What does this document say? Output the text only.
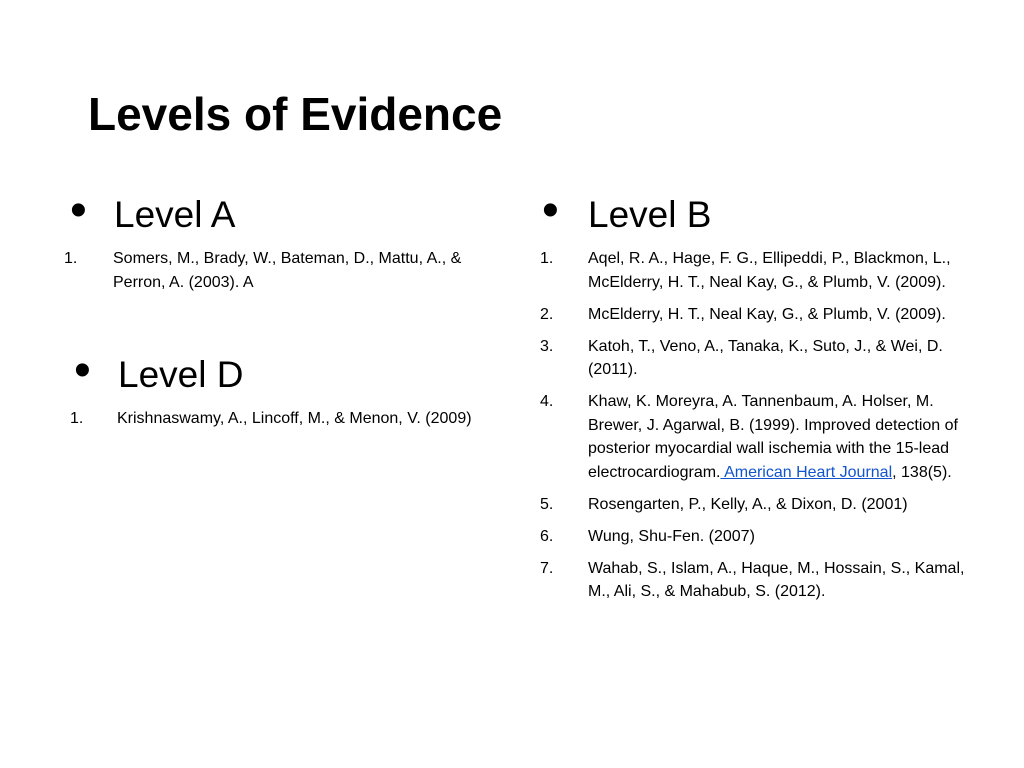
Levels of Evidence
• Level A
1. Somers, M., Brady, W., Bateman, D., Mattu, A., & Perron, A. (2003). A
• Level D
1. Krishnaswamy, A., Lincoff, M., & Menon, V. (2009)
• Level B
1. Aqel, R. A., Hage, F. G., Ellipeddi, P., Blackmon, L., McElderry, H. T., Neal Kay, G., & Plumb, V. (2009).
2. McElderry, H. T., Neal Kay, G., & Plumb, V. (2009).
3. Katoh, T., Veno, A., Tanaka, K., Suto, J., & Wei, D. (2011).
4. Khaw, K. Moreyra, A. Tannenbaum, A. Holser, M. Brewer, J. Agarwal, B. (1999). Improved detection of posterior myocardial wall ischemia with the 15-lead electrocardiogram. American Heart Journal, 138(5).
5. Rosengarten, P., Kelly, A., & Dixon, D. (2001)
6. Wung, Shu-Fen. (2007)
7. Wahab, S., Islam, A., Haque, M., Hossain, S., Kamal, M., Ali, S., & Mahabub, S. (2012).
